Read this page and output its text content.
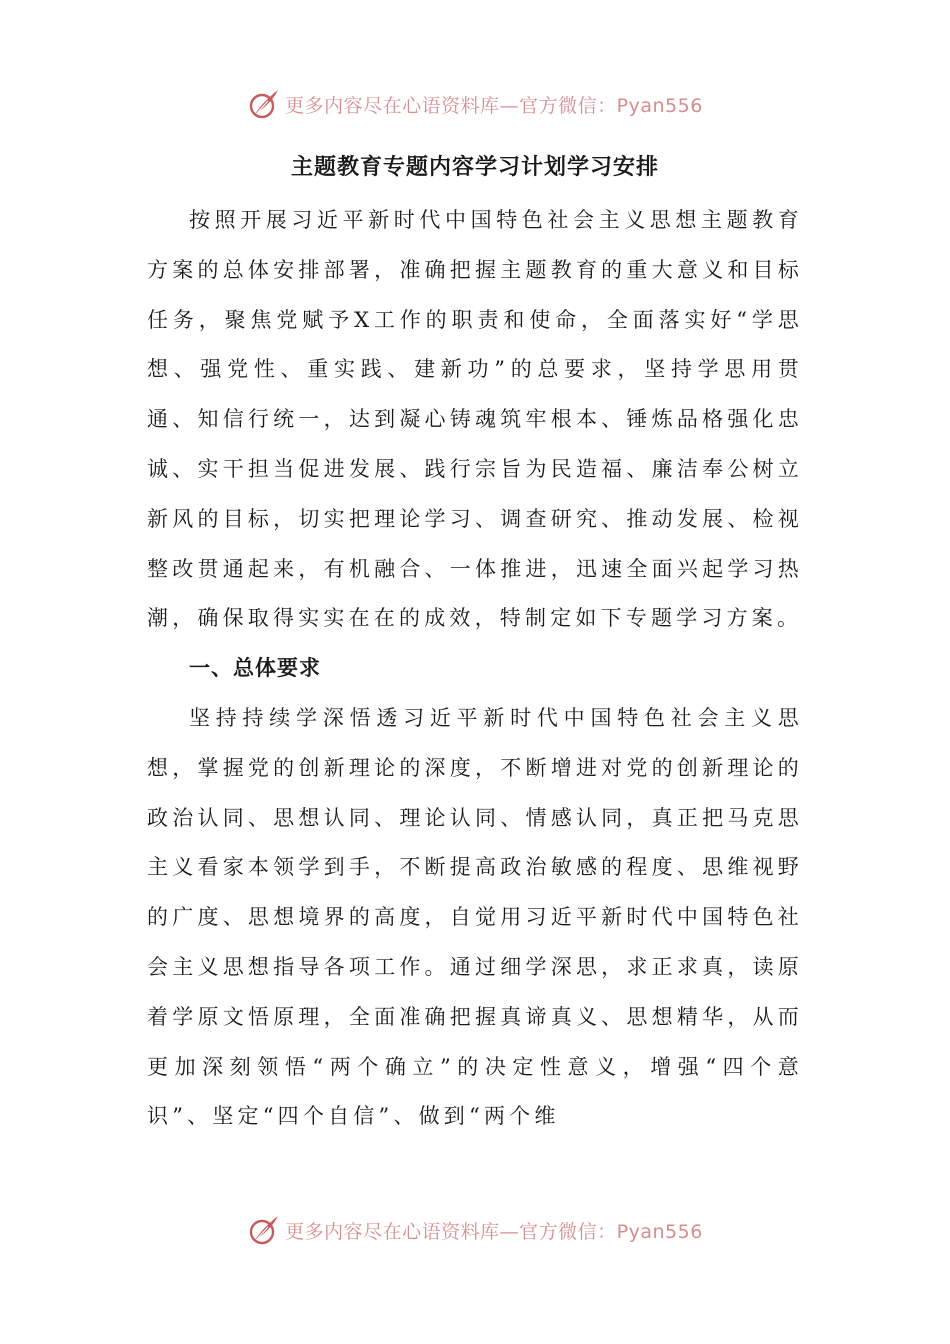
更多内容尽在心语资料库—官方微信：Pyan556
主题教育专题内容学习计划学习安排

按照开展习近平新时代中国特色社会主义思想主题教育方案的总体安排部署，准确把握主题教育的重大意义和目标任务，聚焦党赋予X工作的职责和使命，全面落实好“学思想、强党性、重实践、建新功”的总要求，坚持学思用贯通、知信行统一，达到凝心铸魂筑牢根本、锤炼品格强化忠诚、实干担当促进发展、践行宗旨为民造福、廉洁奉公树立新风的目标，切实把理论学习、调查研究、推动发展、检视整改贯通起来，有机融合、一体推进，迅速全面兴起学习热潮，确保取得实实在在的成效，特制定如下专题学习方案。

一、总体要求

坚持持续学深悟透习近平新时代中国特色社会主义思想，掌握党的创新理论的深度，不断增进对党的创新理论的政治认同、思想认同、理论认同、情感认同，真正把马克思主义看家本领学到手，不断提高政治敏感的程度、思维视野的广度、思想境界的高度，自觉用习近平新时代中国特色社会主义思想指导各项工作。通过细学深思，求正求真，读原着学原文悟原理，全面准确把握真谛真义、思想精华，从而更加深刻领悟“两个确立”的决定性意义，增强“四个意识”、坚定“四个自信”、做到“两个维

更多内容尽在心语资料库—官方微信：Pyan556
